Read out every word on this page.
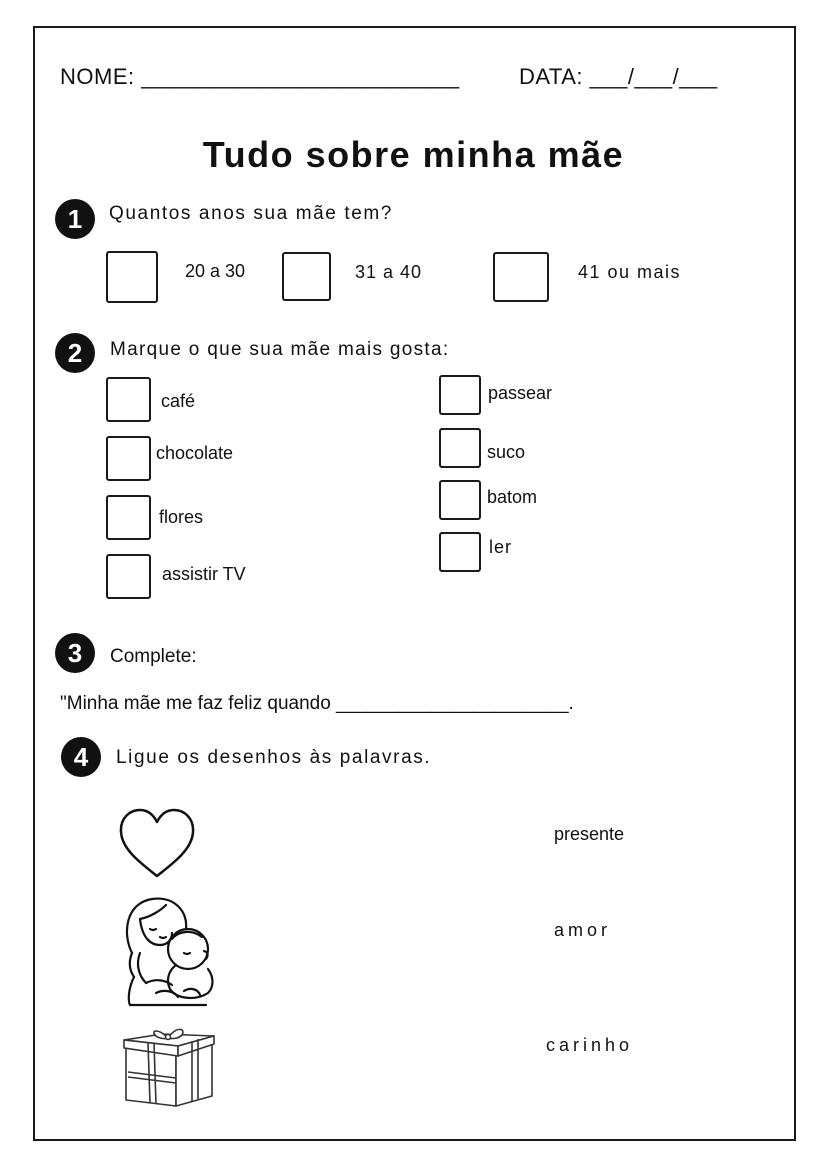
NOME: _________________________	DATA: ___/___/___
Tudo sobre minha mãe
1	Quantos anos sua mãe tem?
20 a 30	31 a 40	41 ou mais
2	Marque o que sua mãe mais gosta:
café
chocolate
flores
assistir TV
passear
suco
batom
ler
3	Complete:
"Minha mãe me faz feliz quando ______________________.
4	Ligue os desenhos às palavras.
presente
amor
carinho
